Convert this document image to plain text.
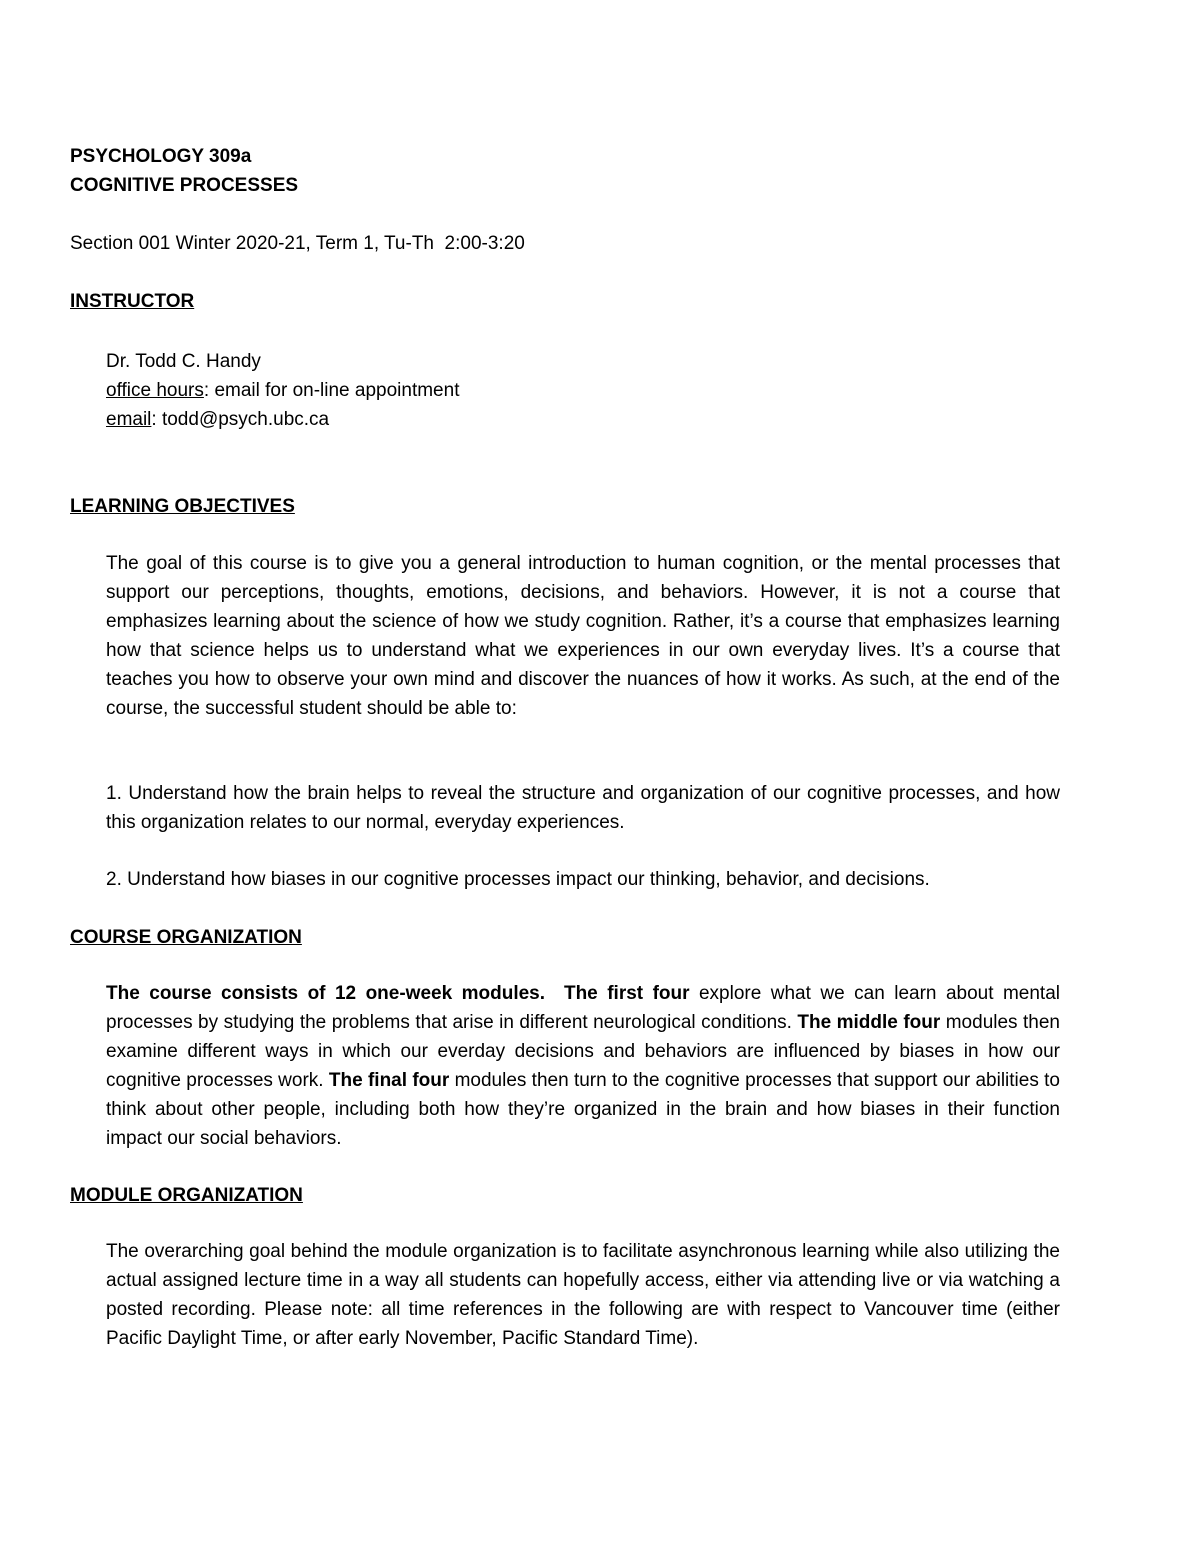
PSYCHOLOGY 309a
COGNITIVE PROCESSES
Section 001 Winter 2020-21, Term 1, Tu-Th  2:00-3:20
INSTRUCTOR
Dr. Todd C. Handy
office hours: email for on-line appointment
email: todd@psych.ubc.ca
LEARNING OBJECTIVES

The goal of this course is to give you a general introduction to human cognition, or the mental processes that support our perceptions, thoughts, emotions, decisions, and behaviors. However, it is not a course that emphasizes learning about the science of how we study cognition. Rather, it’s a course that emphasizes learning how that science helps us to understand what we experiences in our own everyday lives. It’s a course that teaches you how to observe your own mind and discover the nuances of how it works. As such, at the end of the course, the successful student should be able to:

1. Understand how the brain helps to reveal the structure and organization of our cognitive processes, and how this organization relates to our normal, everyday experiences.

2. Understand how biases in our cognitive processes impact our thinking, behavior, and decisions.
COURSE ORGANIZATION

The course consists of 12 one-week modules. The first four explore what we can learn about mental processes by studying the problems that arise in different neurological conditions. The middle four modules then examine different ways in which our everday decisions and behaviors are influenced by biases in how our cognitive processes work. The final four modules then turn to the cognitive processes that support our abilities to think about other people, including both how they’re organized in the brain and how biases in their function impact our social behaviors.

MODULE ORGANIZATION

The overarching goal behind the module organization is to facilitate asynchronous learning while also utilizing the actual assigned lecture time in a way all students can hopefully access, either via attending live or via watching a posted recording. Please note: all time references in the following are with respect to Vancouver time (either Pacific Daylight Time, or after early November, Pacific Standard Time).
